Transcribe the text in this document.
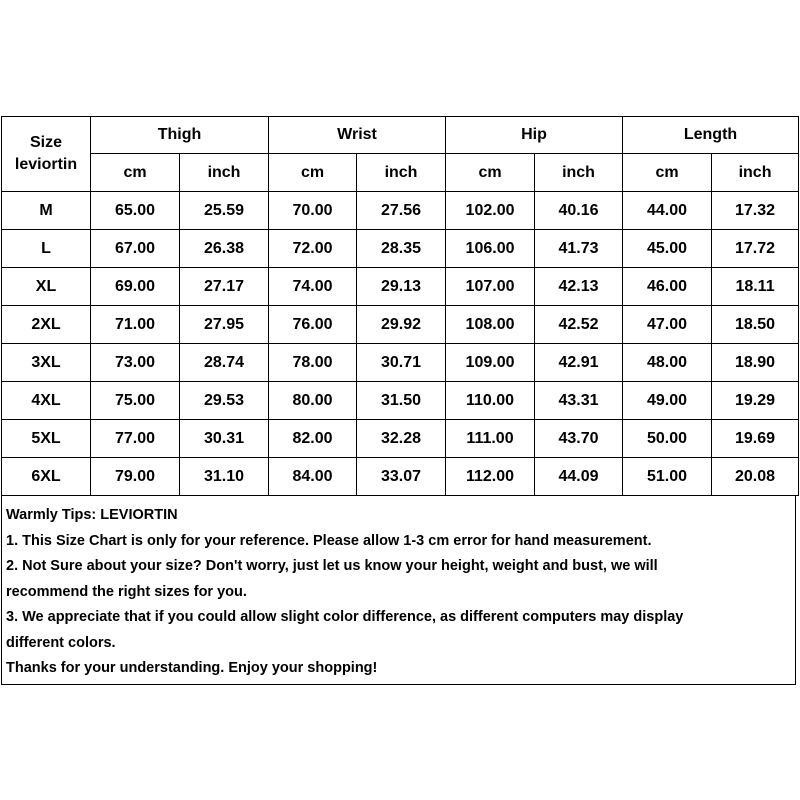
Size
leviortin	Thigh		Wrist		Hip		Length	
	cm	inch	cm	inch	cm	inch	cm	inch
M	65.00	25.59	70.00	27.56	102.00	40.16	44.00	17.32
L	67.00	26.38	72.00	28.35	106.00	41.73	45.00	17.72
XL	69.00	27.17	74.00	29.13	107.00	42.13	46.00	18.11
2XL	71.00	27.95	76.00	29.92	108.00	42.52	47.00	18.50
3XL	73.00	28.74	78.00	30.71	109.00	42.91	48.00	18.90
4XL	75.00	29.53	80.00	31.50	110.00	43.31	49.00	19.29
5XL	77.00	30.31	82.00	32.28	111.00	43.70	50.00	19.69
6XL	79.00	31.10	84.00	33.07	112.00	44.09	51.00	20.08
Warmly Tips: LEVIORTIN
1. This Size Chart is only for your reference. Please allow 1-3 cm error for hand measurement.
2. Not Sure about your size? Don't worry, just let us know your height, weight and bust, we will
recommend the right sizes for you.
3. We appreciate that if you could allow slight color difference, as different computers may display
different colors.
Thanks for your understanding. Enjoy your shopping!
